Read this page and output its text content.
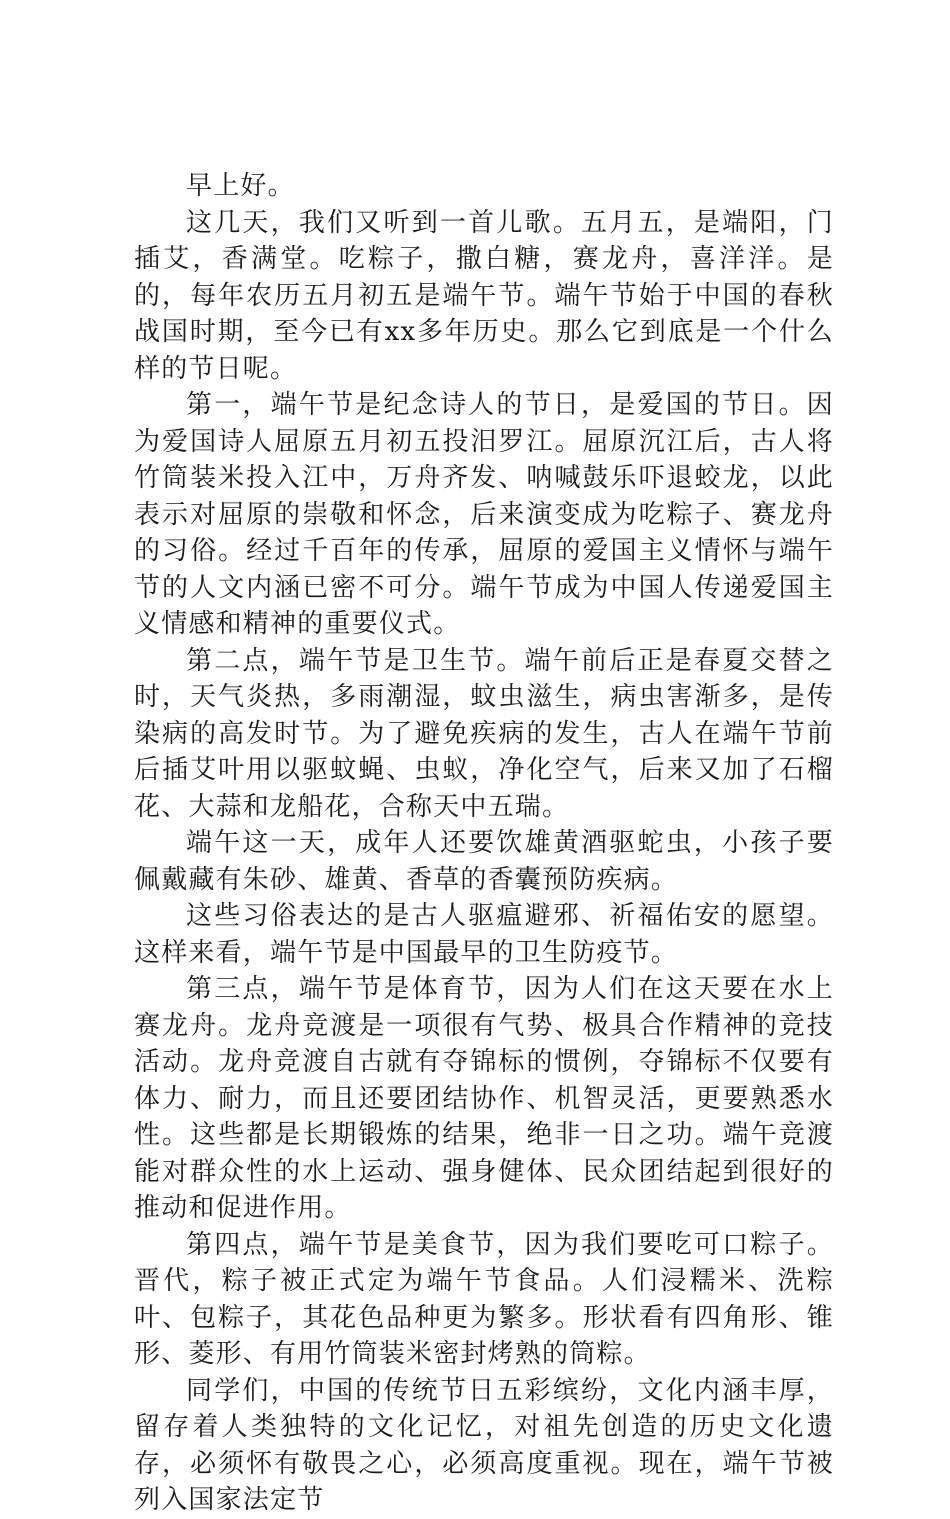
早上好。

这几天，我们又听到一首儿歌。五月五，是端阳，门插艾，香满堂。吃粽子，撒白糖，赛龙舟，喜洋洋。是的，每年农历五月初五是端午节。端午节始于中国的春秋战国时期，至今已有xx多年历史。那么它到底是一个什么样的节日呢。

第一，端午节是纪念诗人的节日，是爱国的节日。因为爱国诗人屈原五月初五投汨罗江。屈原沉江后，古人将竹筒装米投入江中，万舟齐发、呐喊鼓乐吓退蛟龙，以此表示对屈原的崇敬和怀念，后来演变成为吃粽子、赛龙舟的习俗。经过千百年的传承，屈原的爱国主义情怀与端午节的人文内涵已密不可分。端午节成为中国人传递爱国主义情感和精神的重要仪式。

第二点，端午节是卫生节。端午前后正是春夏交替之时，天气炎热，多雨潮湿，蚊虫滋生，病虫害渐多，是传染病的高发时节。为了避免疾病的发生，古人在端午节前后插艾叶用以驱蚊蝇、虫蚁，净化空气，后来又加了石榴花、大蒜和龙船花，合称天中五瑞。

端午这一天，成年人还要饮雄黄酒驱蛇虫，小孩子要佩戴藏有朱砂、雄黄、香草的香囊预防疾病。

这些习俗表达的是古人驱瘟避邪、祈福佑安的愿望。这样来看，端午节是中国最早的卫生防疫节。

第三点，端午节是体育节，因为人们在这天要在水上赛龙舟。龙舟竞渡是一项很有气势、极具合作精神的竞技活动。龙舟竞渡自古就有夺锦标的惯例，夺锦标不仅要有体力、耐力，而且还要团结协作、机智灵活，更要熟悉水性。这些都是长期锻炼的结果，绝非一日之功。端午竞渡能对群众性的水上运动、强身健体、民众团结起到很好的推动和促进作用。

第四点，端午节是美食节，因为我们要吃可口粽子。晋代，粽子被正式定为端午节食品。人们浸糯米、洗粽叶、包粽子，其花色品种更为繁多。形状看有四角形、锥形、菱形、有用竹筒装米密封烤熟的筒粽。

同学们，中国的传统节日五彩缤纷，文化内涵丰厚，留存着人类独特的文化记忆，对祖先创造的历史文化遗存，必须怀有敬畏之心，必须高度重视。现在，端午节被列入国家法定节
